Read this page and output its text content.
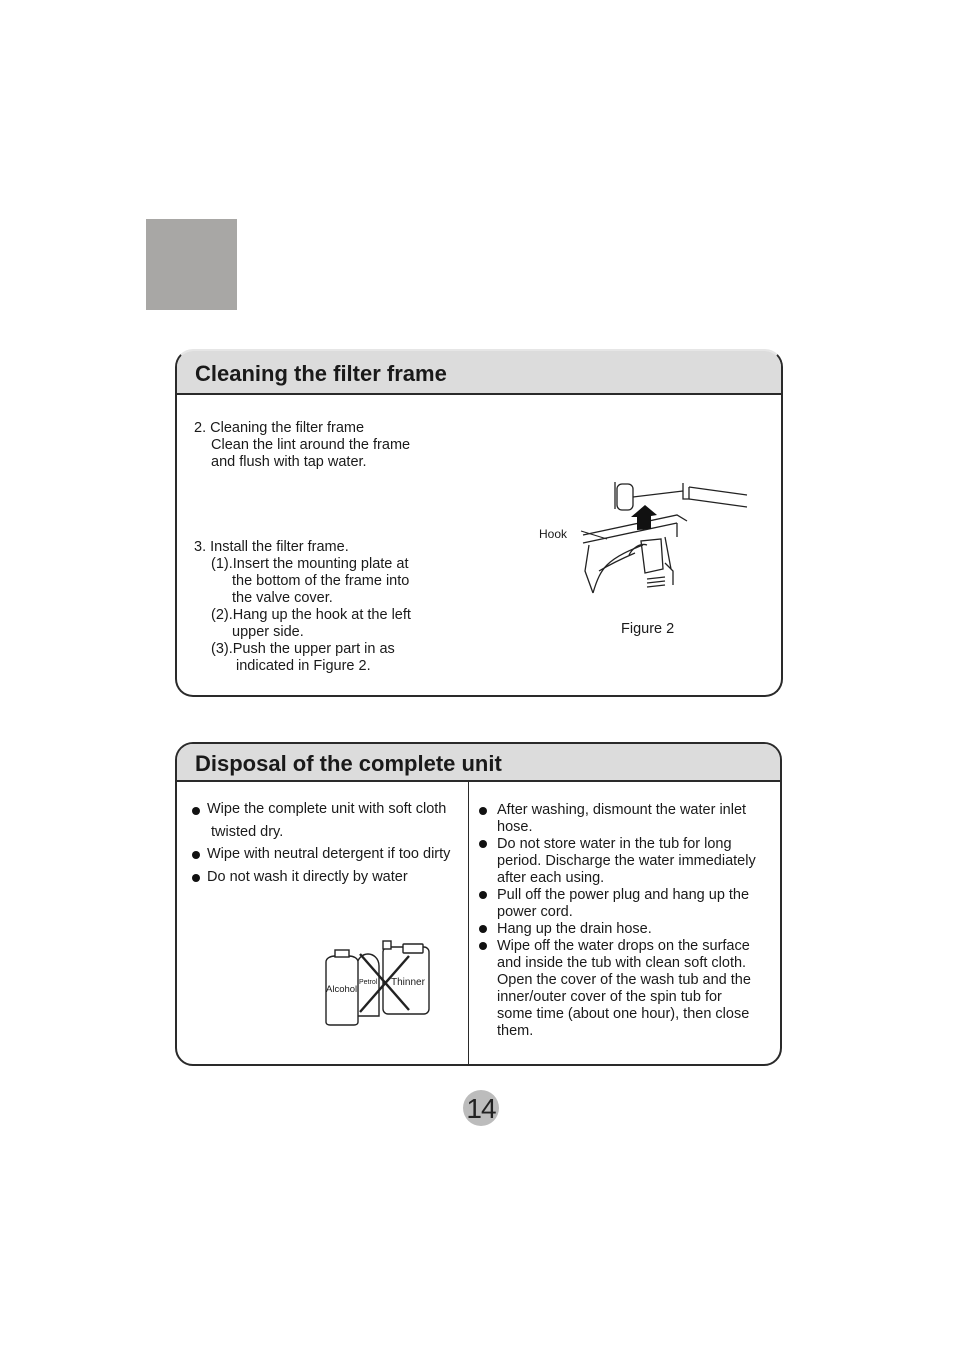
Cleaning the filter frame
2. Cleaning the filter frame
Clean the lint around the frame
and flush with tap water.
3. Install the filter frame.
(1).Insert the mounting plate at
the bottom of the frame into
the valve cover.
(2).Hang up the hook at the left
upper side.
(3).Push the upper part in as
indicated in Figure 2.
Hook
Figure 2
Disposal of the complete unit
Wipe the complete unit with soft cloth
twisted dry.
Wipe with neutral detergent if too dirty
Do not wash it directly by water
Alcohol
Petrol Thinner
After washing, dismount the water inlet
hose.
Do not store water in the tub for long
period. Discharge the water immediately
after each using.
Pull off the power plug and hang up the
power cord.
Hang up the drain hose.
Wipe off the water drops on the surface
and inside the tub with clean soft cloth.
Open the cover of the wash tub and the
inner/outer cover of the spin tub for
some time (about one hour), then close
them.
14
